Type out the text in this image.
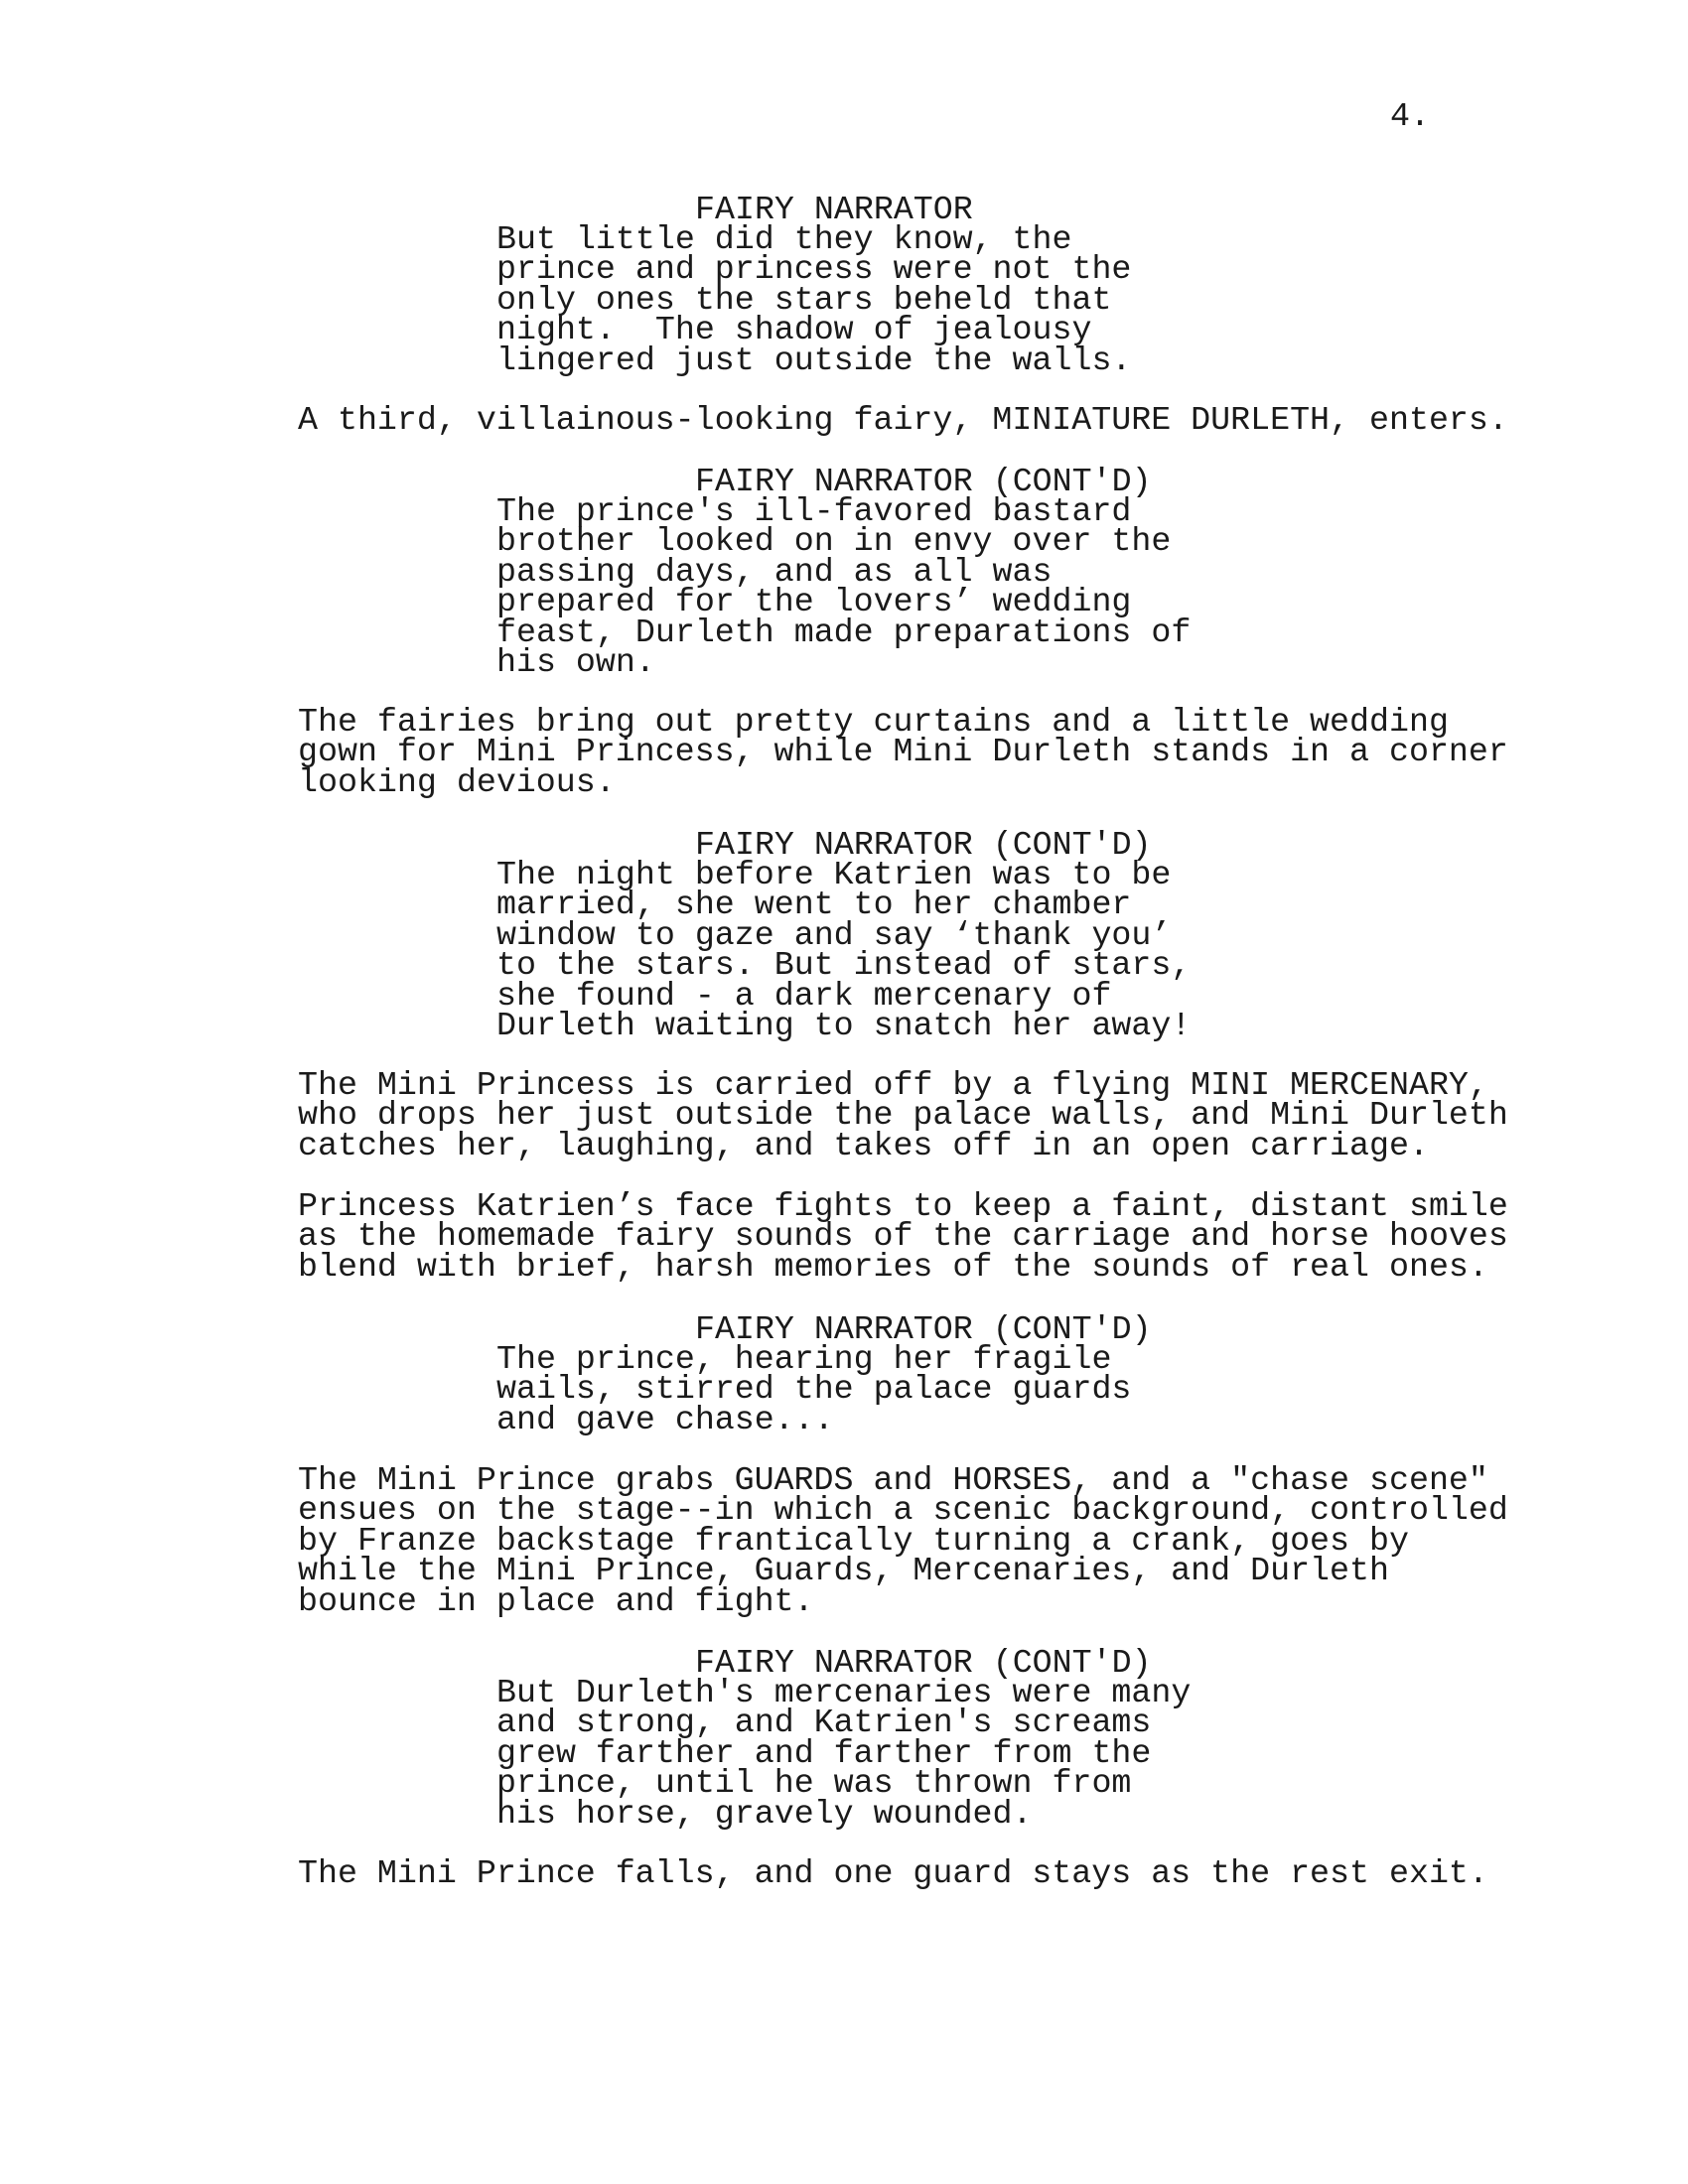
4.
FAIRY NARRATOR
But little did they know, the
prince and princess were not the
only ones the stars beheld that
night.  The shadow of jealousy
lingered just outside the walls.
A third, villainous-looking fairy, MINIATURE DURLETH, enters.
FAIRY NARRATOR (CONT'D)
The prince's ill-favored bastard
brother looked on in envy over the
passing days, and as all was
prepared for the lovers’ wedding
feast, Durleth made preparations of
his own.
The fairies bring out pretty curtains and a little wedding
gown for Mini Princess, while Mini Durleth stands in a corner
looking devious.
FAIRY NARRATOR (CONT'D)
The night before Katrien was to be
married, she went to her chamber
window to gaze and say ‘thank you’
to the stars. But instead of stars,
she found - a dark mercenary of
Durleth waiting to snatch her away!
The Mini Princess is carried off by a flying MINI MERCENARY,
who drops her just outside the palace walls, and Mini Durleth
catches her, laughing, and takes off in an open carriage.
Princess Katrien’s face fights to keep a faint, distant smile
as the homemade fairy sounds of the carriage and horse hooves
blend with brief, harsh memories of the sounds of real ones.
FAIRY NARRATOR (CONT'D)
The prince, hearing her fragile
wails, stirred the palace guards
and gave chase...
The Mini Prince grabs GUARDS and HORSES, and a "chase scene"
ensues on the stage--in which a scenic background, controlled
by Franze backstage frantically turning a crank, goes by
while the Mini Prince, Guards, Mercenaries, and Durleth
bounce in place and fight.
FAIRY NARRATOR (CONT'D)
But Durleth's mercenaries were many
and strong, and Katrien's screams
grew farther and farther from the
prince, until he was thrown from
his horse, gravely wounded.
The Mini Prince falls, and one guard stays as the rest exit.
